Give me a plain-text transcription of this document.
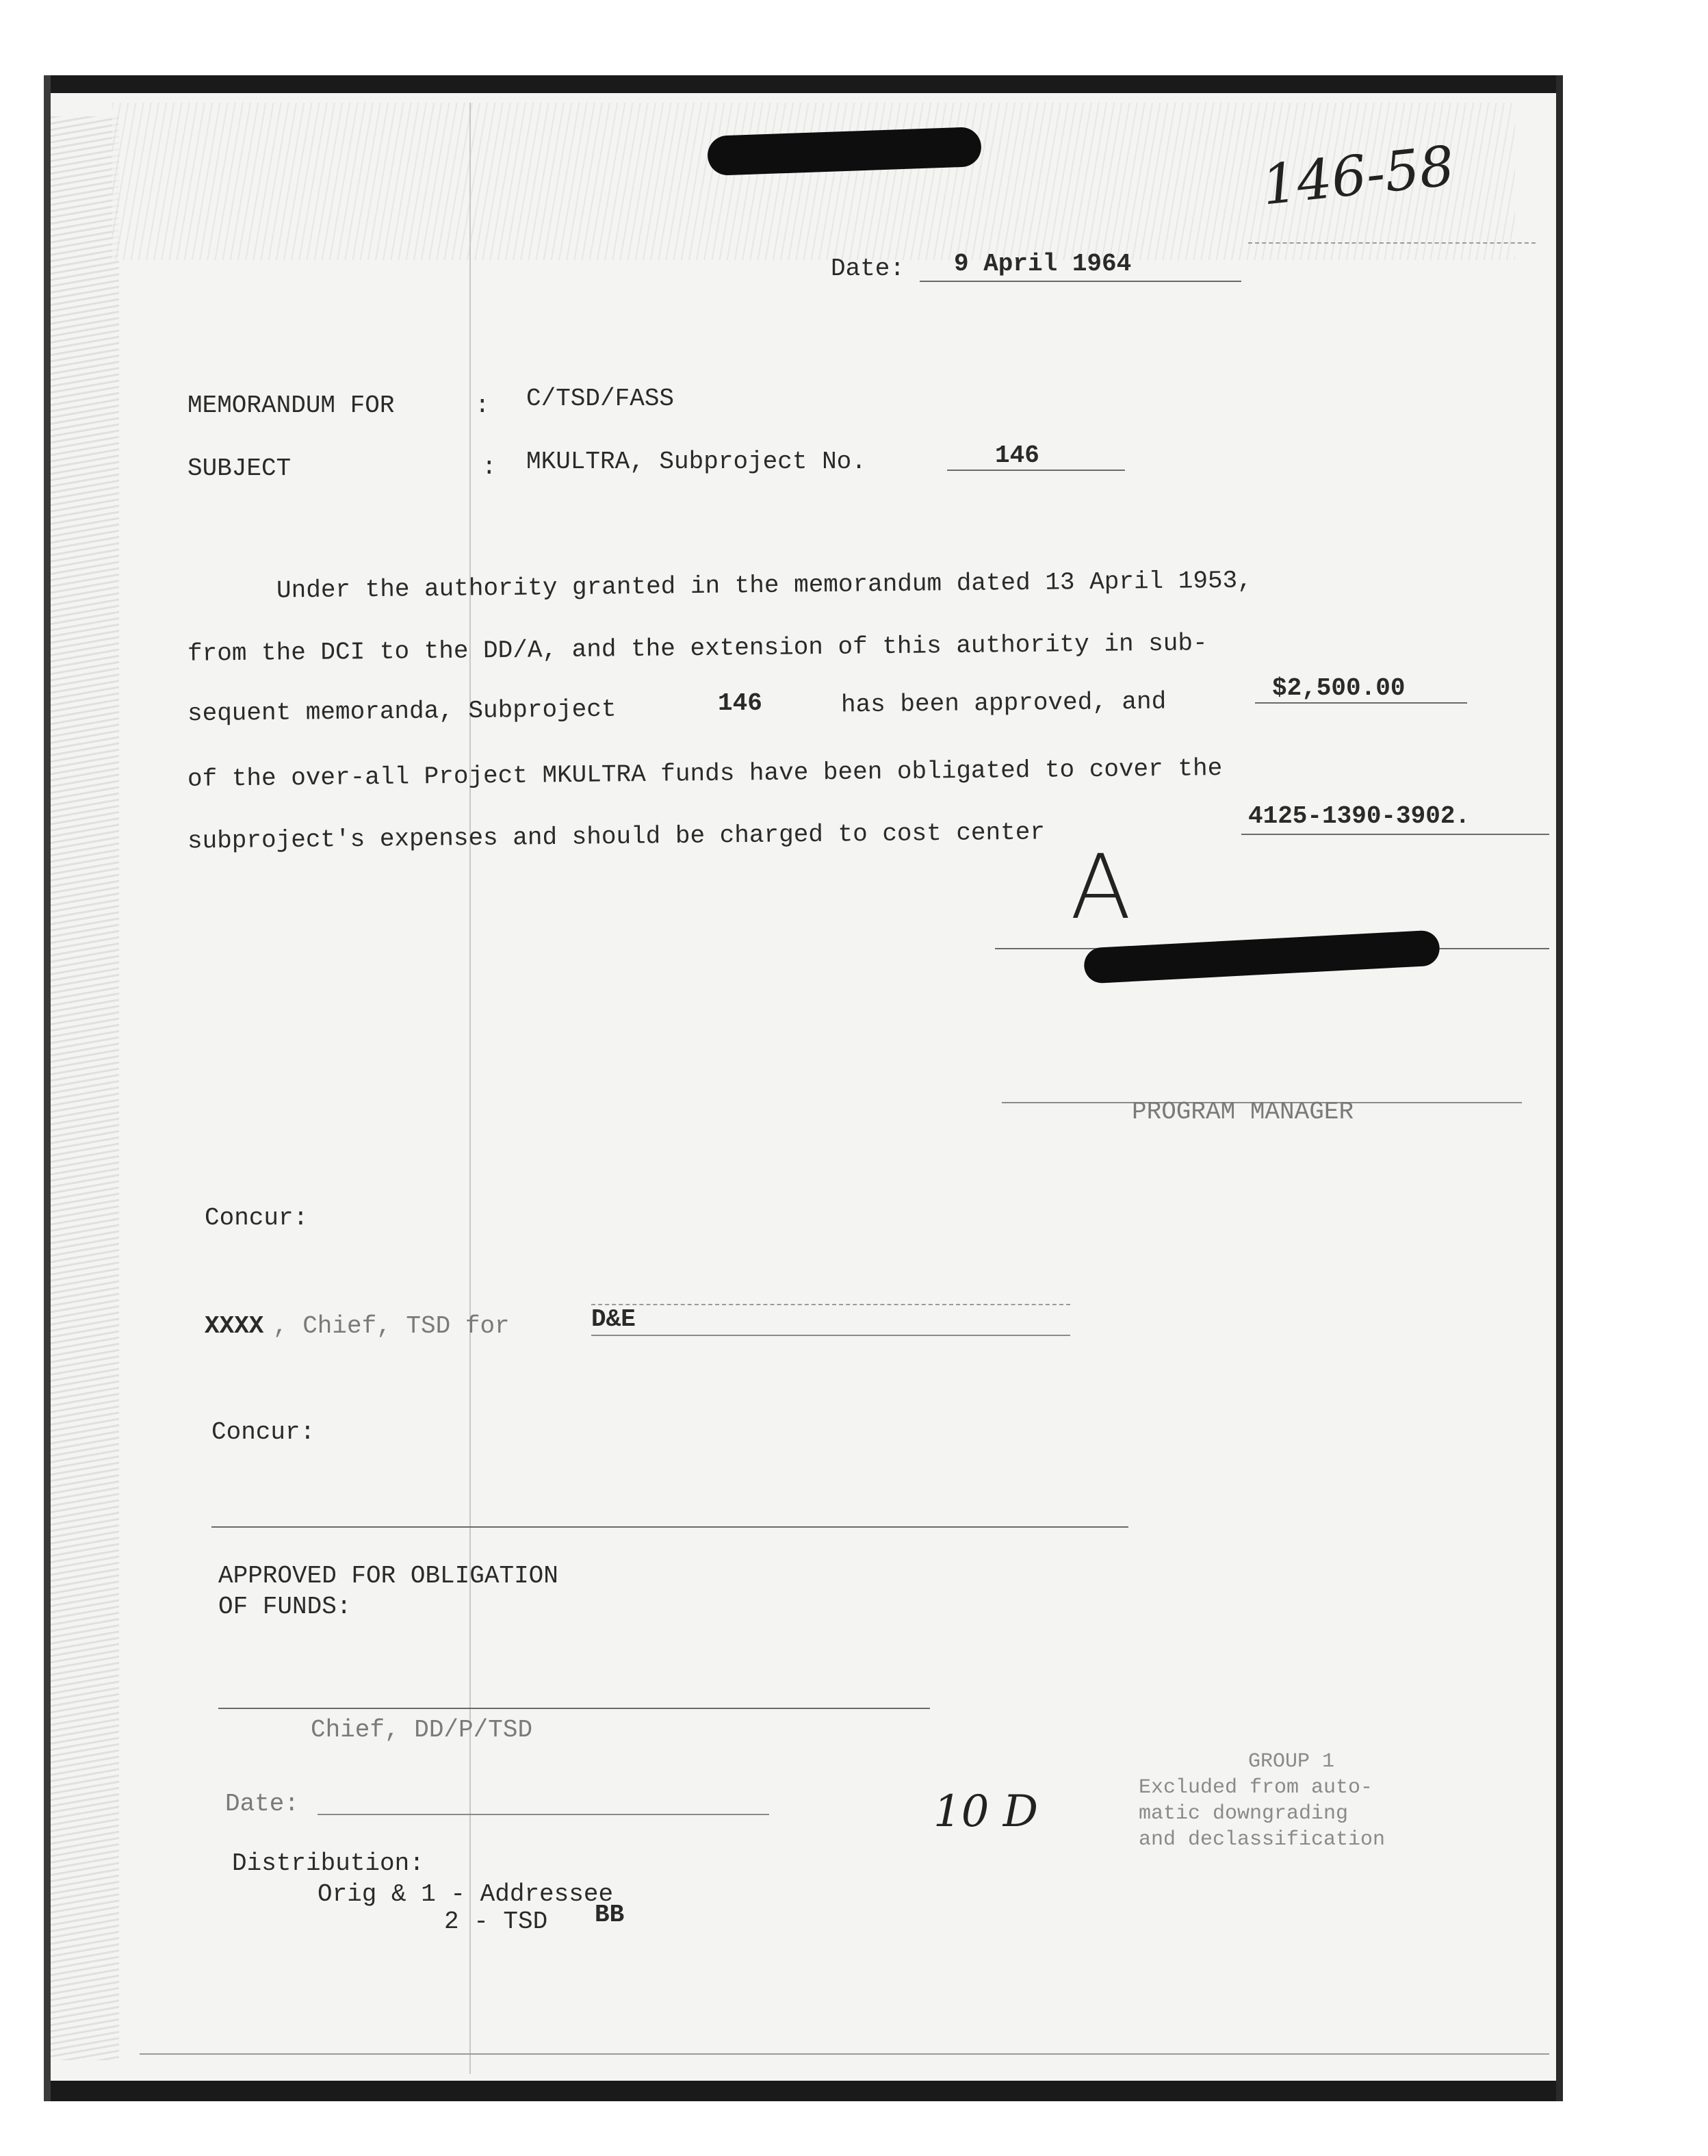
146-58
Date: 9 April 1964
MEMORANDUM FOR	: C/TSD/FASS
SUBJECT	: MKULTRA, Subproject No.	146
Under the authority granted in the memorandum dated 13 April 1953,
from the DCI to the DD/A, and the extension of this authority in sub-
sequent memoranda, Subproject	146	has been approved, and	$2,500.00
of the over-all Project MKULTRA funds have been obligated to cover the
subproject's expenses and should be charged to cost center
4125-1390-3902.
A
PROGRAM MANAGER
Concur:
XXXX , Chief, TSD for	D&E
Concur:
APPROVED FOR OBLIGATION
OF FUNDS:
Chief, DD/P/TSD
Date:	10 D
GROUP 1
Excluded from auto-
matic downgrading
and declassification
Distribution:
Orig & 1 - Addressee
2 - TSD BB
